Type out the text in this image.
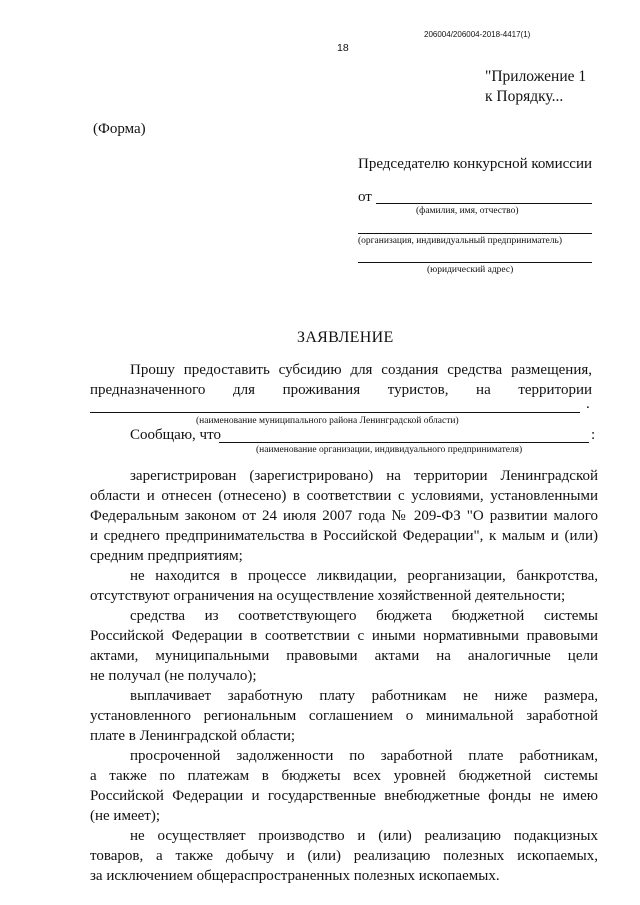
206004/206004-2018-4417(1)
18
"Приложение 1
к Порядку...
(Форма)
Председателю конкурсной комиссии
от
(фамилия, имя, отчество)
(организация, индивидуальный предприниматель)
(юридический адрес)
ЗАЯВЛЕНИЕ
Прошу предоставить субсидию для создания средства размещения,
предназначенного для проживания туристов, на территории
.
(наименование муниципального района Ленинградской области)
Сообщаю, что	:
(наименование организации, индивидуального предпринимателя)
зарегистрирован (зарегистрировано) на территории Ленинградской
области и отнесен (отнесено) в соответствии с условиями, установленными
Федеральным законом от 24 июля 2007 года № 209-ФЗ "О развитии малого
и среднего предпринимательства в Российской Федерации", к малым и (или)
средним предприятиям;
не находится в процессе ликвидации, реорганизации, банкротства,
отсутствуют ограничения на осуществление хозяйственной деятельности;
средства из соответствующего бюджета бюджетной системы
Российской Федерации в соответствии с иными нормативными правовыми
актами, муниципальными правовыми актами на аналогичные цели
не получал (не получало);
выплачивает заработную плату работникам не ниже размера,
установленного региональным соглашением о минимальной заработной
плате в Ленинградской области;
просроченной задолженности по заработной плате работникам,
а также по платежам в бюджеты всех уровней бюджетной системы
Российской Федерации и государственные внебюджетные фонды не имею
(не имеет);
не осуществляет производство и (или) реализацию подакцизных
товаров, а также добычу и (или) реализацию полезных ископаемых,
за исключением общераспространенных полезных ископаемых.
